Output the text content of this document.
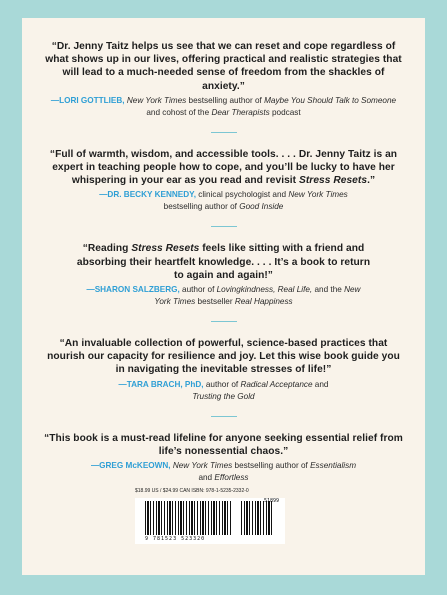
“Dr. Jenny Taitz helps us see that we can reset and cope regardless of what shows up in our lives, offering practical and realistic strategies that will lead to a much-needed sense of freedom from the shackles of anxiety.”

—LORI GOTTLIEB, New York Times bestselling author of Maybe You Should Talk to Someone and cohost of the Dear Therapists podcast

“Full of warmth, wisdom, and accessible tools. . . . Dr. Jenny Taitz is an expert in teaching people how to cope, and you’ll be lucky to have her whispering in your ear as you read and revisit Stress Resets.”

—DR. BECKY KENNEDY, clinical psychologist and New York Times bestselling author of Good Inside

“Reading Stress Resets feels like sitting with a friend and absorbing their heartfelt knowledge. . . . It’s a book to return to again and again!”

—SHARON SALZBERG, author of Lovingkindness, Real Life, and the New York Times bestseller Real Happiness

“An invaluable collection of powerful, science-based practices that nourish our capacity for resilience and joy. Let this wise book guide you in navigating the inevitable stresses of life!”

—TARA BRACH, PhD, author of Radical Acceptance and Trusting the Gold

“This book is a must-read lifeline for anyone seeking essential relief from life’s nonessential chaos.”

—GREG McKEOWN, New York Times bestselling author of Essentialism and Effortless

$18.99 US / $24.99 CAN ISBN: 978-1-5235-2332-0
9 781523 523320
51899
